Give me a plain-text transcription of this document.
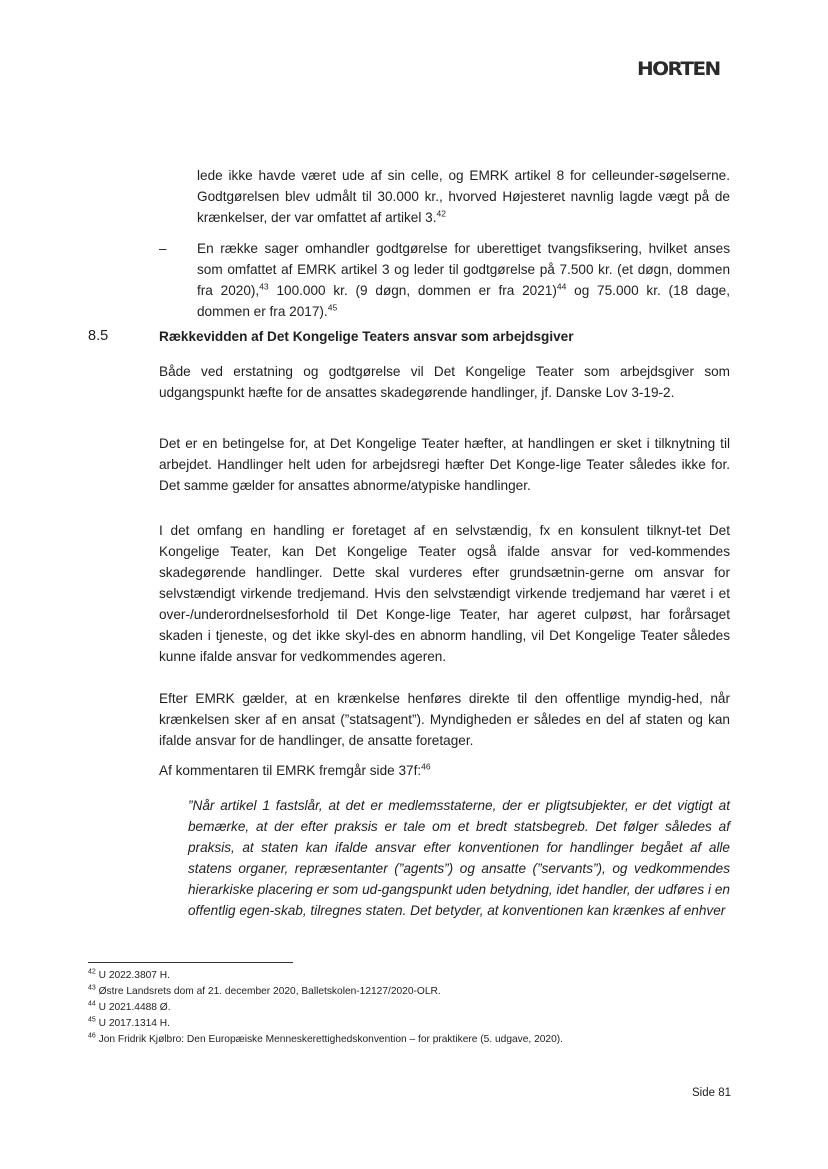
HORTEN

lede ikke havde været ude af sin celle, og EMRK artikel 8 for celleunder-søgelserne. Godtgørelsen blev udmålt til 30.000 kr., hvorved Højesteret navnlig lagde vægt på de krænkelser, der var omfattet af artikel 3.42

– En række sager omhandler godtgørelse for uberettiget tvangsfiksering, hvilket anses som omfattet af EMRK artikel 3 og leder til godtgørelse på 7.500 kr. (et døgn, dommen fra 2020),$^{43}$ 100.000 kr. (9 døgn, dommen er fra 2021)$^{44}$ og 75.000 kr. (18 dage, dommen er fra 2017).$^{45}$

8.5	Rækkevidden af Det Kongelige Teaters ansvar som arbejdsgiver

Både ved erstatning og godtgørelse vil Det Kongelige Teater som arbejdsgiver som udgangspunkt hæfte for de ansattes skadegørende handlinger, jf. Danske Lov 3-19-2.

Det er en betingelse for, at Det Kongelige Teater hæfter, at handlingen er sket i tilknytning til arbejdet. Handlinger helt uden for arbejdsregi hæfter Det Konge-lige Teater således ikke for. Det samme gælder for ansattes abnorme/atypiske handlinger.

I det omfang en handling er foretaget af en selvstændig, fx en konsulent tilknyt-tet Det Kongelige Teater, kan Det Kongelige Teater også ifalde ansvar for ved-kommendes skadegørende handlinger. Dette skal vurderes efter grundsætnin-gerne om ansvar for selvstændigt virkende tredjemand. Hvis den selvstændigt virkende tredjemand har været i et over-/underordnelsesforhold til Det Konge-lige Teater, har ageret culpøst, har forårsaget skaden i tjeneste, og det ikke skyl-des en abnorm handling, vil Det Kongelige Teater således kunne ifalde ansvar for vedkommendes ageren.

Efter EMRK gælder, at en krænkelse henføres direkte til den offentlige myndig-hed, når krænkelsen sker af en ansat (”statsagent”). Myndigheden er således en del af staten og kan ifalde ansvar for de handlinger, de ansatte foretager.

Af kommentaren til EMRK fremgår side 37f:$^{46}$

”Når artikel 1 fastslår, at det er medlemsstaterne, der er pligtsubjekter, er det vigtigt at bemærke, at der efter praksis er tale om et bredt statsbegreb. Det følger således af praksis, at staten kan ifalde ansvar efter konventionen for handlinger begået af alle statens organer, repræsentanter (”agents”) og ansatte (”servants”), og vedkommendes hierarkiske placering er som ud-gangspunkt uden betydning, idet handler, der udføres i en offentlig egen-skab, tilregnes staten. Det betyder, at konventionen kan krænkes af enhver

$^{42}$ U 2022.3807 H.
$^{43}$ Østre Landsrets dom af 21. december 2020, Balletskolen-12127/2020-OLR.
$^{44}$ U 2021.4488 Ø.
$^{45}$ U 2017.1314 H.
$^{46}$ Jon Fridrik Kjølbro: Den Europæiske Menneskerettighedskonvention – for praktikere (5. udgave, 2020).
Side 81
